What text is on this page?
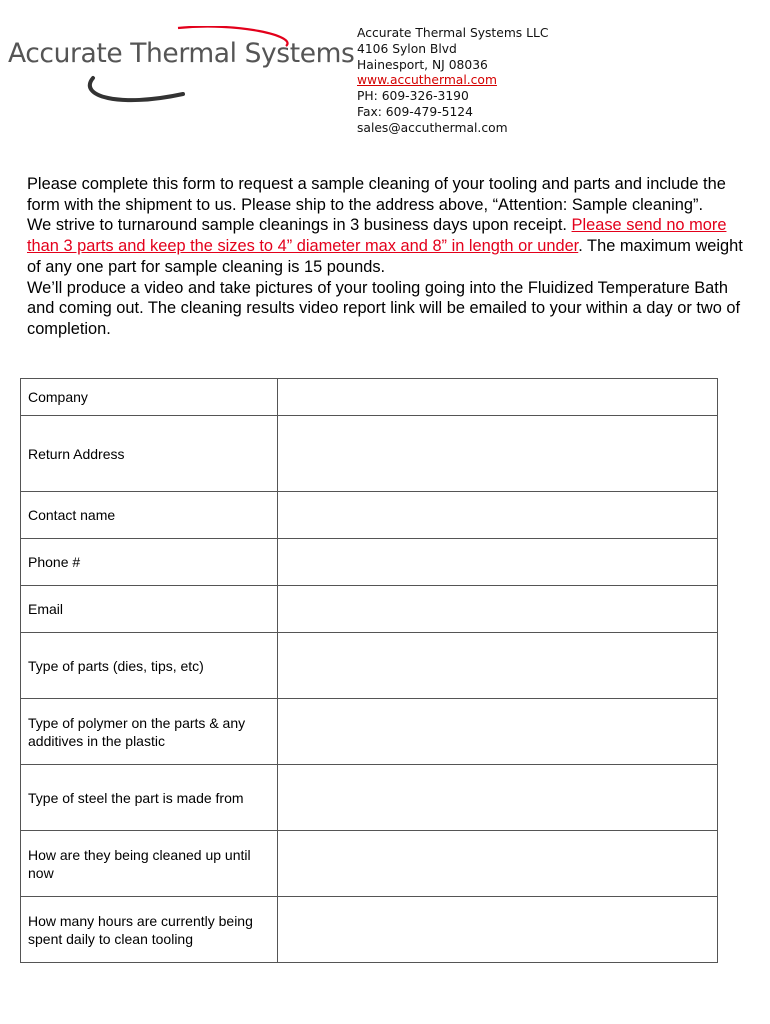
Accurate Thermal Systems
Accurate Thermal Systems LLC
4106 Sylon Blvd
Hainesport, NJ 08036
www.accuthermal.com
PH: 609-326-3190
Fax: 609-479-5124
sales@accuthermal.com
Please complete this form to request a sample cleaning of your tooling and parts and include the form with the shipment to us. Please ship to the address above, “Attention: Sample cleaning”.
We strive to turnaround sample cleanings in 3 business days upon receipt. Please send no more than 3 parts and keep the sizes to 4” diameter max and 8” in length or under. The maximum weight of any one part for sample cleaning is 15 pounds.
We’ll produce a video and take pictures of your tooling going into the Fluidized Temperature Bath and coming out. The cleaning results video report link will be emailed to your within a day or two of completion.
Company	
Return Address	
Contact name	
Phone #	
Email	
Type of parts (dies, tips, etc)	
Type of polymer on the parts & any additives in the plastic	
Type of steel the part is made from	
How are they being cleaned up until now	
How many hours are currently being spent daily to clean tooling	
